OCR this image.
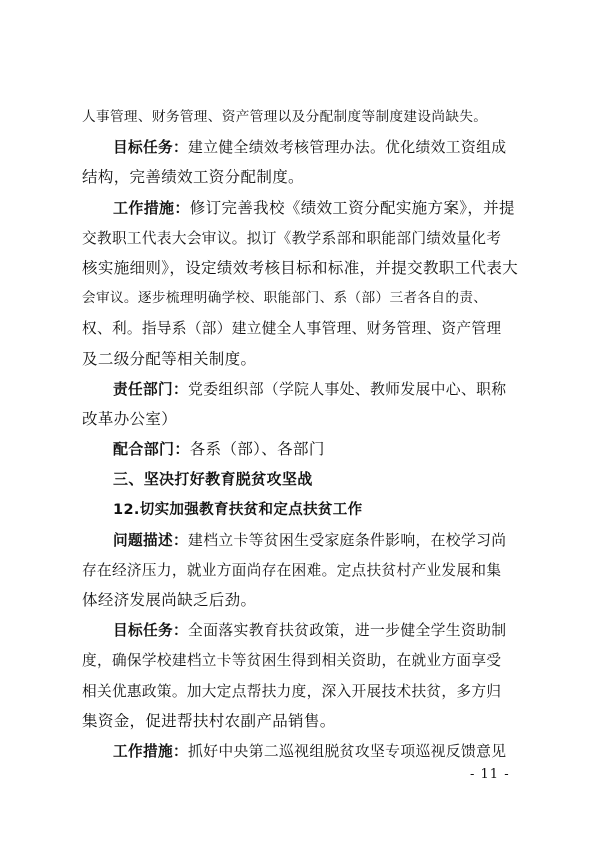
人事管理、财务管理、资产管理以及分配制度等制度建设尚缺失。
目标任务：建立健全绩效考核管理办法。优化绩效工资组成
结构，完善绩效工资分配制度。
工作措施：修订完善我校《绩效工资分配实施方案》，并提
交教职工代表大会审议。拟订《教学系部和职能部门绩效量化考
核实施细则》，设定绩效考核目标和标准，并提交教职工代表大
会审议。逐步梳理明确学校、职能部门、系（部）三者各自的责、
权、利。指导系（部）建立健全人事管理、财务管理、资产管理
及二级分配等相关制度。
责任部门：党委组织部（学院人事处、教师发展中心、职称
改革办公室）
配合部门：各系（部）、各部门
三、坚决打好教育脱贫攻坚战
12.切实加强教育扶贫和定点扶贫工作
问题描述：建档立卡等贫困生受家庭条件影响，在校学习尚
存在经济压力，就业方面尚存在困难。定点扶贫村产业发展和集
体经济发展尚缺乏后劲。
目标任务：全面落实教育扶贫政策，进一步健全学生资助制
度，确保学校建档立卡等贫困生得到相关资助，在就业方面享受
相关优惠政策。加大定点帮扶力度，深入开展技术扶贫，多方归
集资金，促进帮扶村农副产品销售。
工作措施：抓好中央第二巡视组脱贫攻坚专项巡视反馈意见
- 11 -
